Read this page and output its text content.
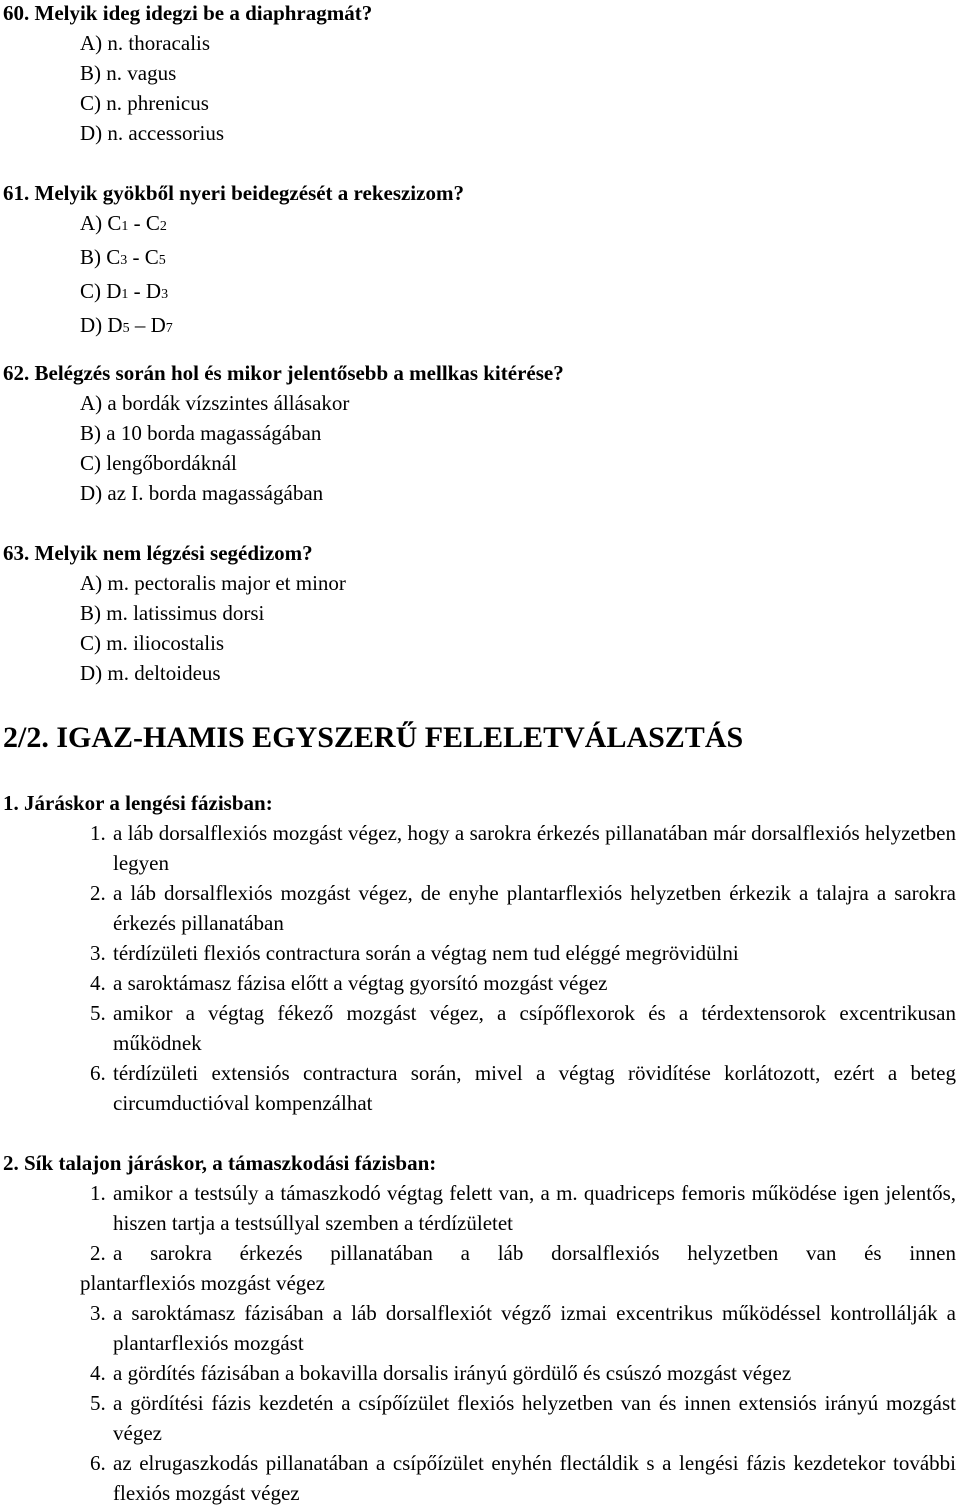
60. Melyik ideg idegzi be a diaphragmát?
A) n. thoracalis
B) n. vagus
C) n. phrenicus
D) n. accessorius
61. Melyik gyökből nyeri beidegzését a rekeszizom?
A) C1 - C2
B) C3 - C5
C) D1 - D3
D) D5 – D7
62. Belégzés során hol és mikor jelentősebb a mellkas kitérése?
A) a bordák vízszintes állásakor
B) a 10 borda magasságában
C) lengőbordáknál
D) az I. borda magasságában
63. Melyik nem légzési segédizom?
A) m. pectoralis major et minor
B) m. latissimus dorsi
C) m. iliocostalis
D) m. deltoideus
2/2. IGAZ-HAMIS EGYSZERŰ FELELETVÁLASZTÁS
1. Járáskor a lengési fázisban:
1. a láb dorsalflexiós mozgást végez, hogy a sarokra érkezés pillanatában már dorsalflexiós helyzetben legyen
2. a láb dorsalflexiós mozgást végez, de enyhe plantarflexiós helyzetben érkezik a talajra a sarokra érkezés pillanatában
3. térdízületi flexiós contractura során a végtag nem tud eléggé megrövidülni
4. a saroktámasz fázisa előtt a végtag gyorsító mozgást végez
5. amikor a végtag fékező mozgást végez, a csípőflexorok és a térdextensorok excentrikusan működnek
6. térdízületi extensiós contractura során, mivel a végtag rövidítése korlátozott, ezért a beteg circumductióval kompenzálhat
2. Sík talajon járáskor, a támaszkodási fázisban:
1. amikor a testsúly a támaszkodó végtag felett van, a m. quadriceps femoris működése igen jelentős, hiszen tartja a testsúllyal szemben a térdízületet
2. a sarokra érkezés pillanatában a láb dorsalflexiós helyzetben van és innen
plantarflexiós mozgást végez
3. a saroktámasz fázisában a láb dorsalflexiót végző izmai excentrikus működéssel kontrollálják a plantarflexiós mozgást
4. a gördítés fázisában a bokavilla dorsalis irányú gördülő és csúszó mozgást végez
5. a gördítési fázis kezdetén a csípőízület flexiós helyzetben van és innen extensiós irányú mozgást végez
6. az elrugaszkodás pillanatában a csípőízület enyhén flectáldik s a lengési fázis kezdetekor további flexiós mozgást végez
